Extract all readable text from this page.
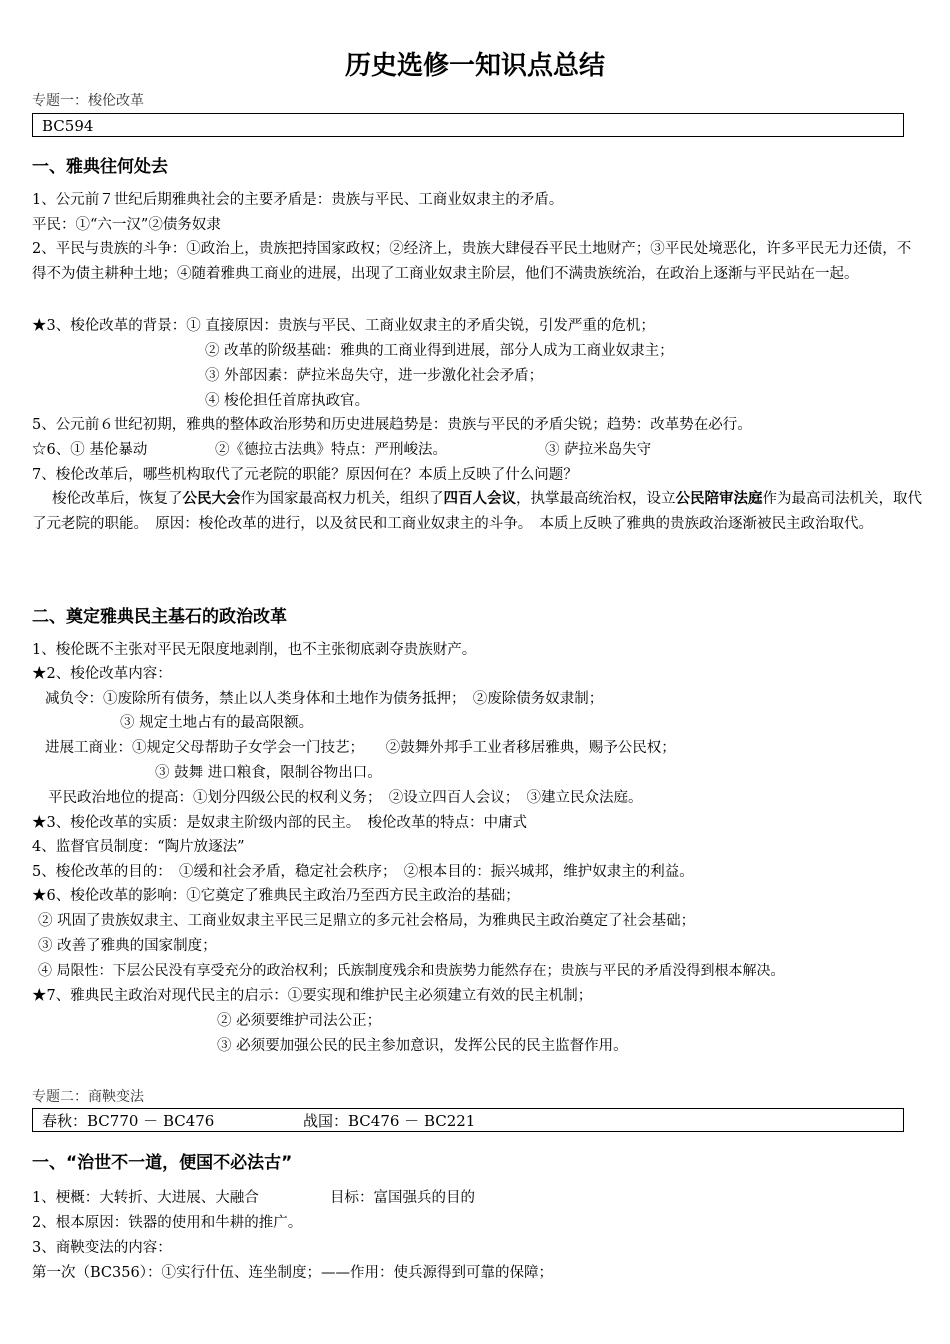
历史选修一知识点总结
专题一：梭伦改革
BC594
一、雅典往何处去
1、公元前７世纪后期雅典社会的主要矛盾是：贵族与平民、工商业奴隶主的矛盾。
平民：①“六一汉”②债务奴隶
2、平民与贵族的斗争：①政治上，贵族把持国家政权；②经济上，贵族大肆侵吞平民土地财产；③平民处境恶化，许多平民无力还债，不得不为债主耕种土地；④随着雅典工商业的进展，出现了工商业奴隶主阶层，他们不满贵族统治，在政治上逐渐与平民站在一起。
★3、梭伦改革的背景：① 直接原因：贵族与平民、工商业奴隶主的矛盾尖锐，引发严重的危机；
② 改革的阶级基础：雅典的工商业得到进展，部分人成为工商业奴隶主；
③ 外部因素：萨拉米岛失守，进一步激化社会矛盾；
④ 梭伦担任首席执政官。
5、公元前６世纪初期，雅典的整体政治形势和历史进展趋势是：贵族与平民的矛盾尖锐；趋势：改革势在必行。
☆6、① 基伦暴动	②《德拉古法典》特点：严刑峻法。	③ 萨拉米岛失守
7、梭伦改革后，哪些机构取代了元老院的职能？原因何在？本质上反映了什么问题？
梭伦改革后，恢复了公民大会作为国家最高权力机关，组织了四百人会议，执掌最高统治权，设立公民陪审法庭作为最高司法机关，取代了元老院的职能。　原因：梭伦改革的进行，以及贫民和工商业奴隶主的斗争。　本质上反映了雅典的贵族政治逐渐被民主政治取代。
二、奠定雅典民主基石的政治改革
1、梭伦既不主张对平民无限度地剥削，也不主张彻底剥夺贵族财产。
★2、梭伦改革内容：
减负令：①废除所有债务，禁止以人类身体和土地作为债务抵押；　②废除债务奴隶制；
③ 规定土地占有的最高限额。
进展工商业：①规定父母帮助子女学会一门技艺；　　②鼓舞外邦手工业者移居雅典，赐予公民权；
③ 鼓舞 进口粮食，限制谷物出口。
平民政治地位的提高：①划分四级公民的权利义务；　②设立四百人会议；　③建立民众法庭。
★3、梭伦改革的实质：是奴隶主阶级内部的民主。　梭伦改革的特点：中庸式
4、监督官员制度：“陶片放逐法”
5、梭伦改革的目的：　①缓和社会矛盾，稳定社会秩序；　②根本目的：振兴城邦，维护奴隶主的利益。
★6、梭伦改革的影响：①它奠定了雅典民主政治乃至西方民主政治的基础；
② 巩固了贵族奴隶主、工商业奴隶主平民三足鼎立的多元社会格局，为雅典民主政治奠定了社会基础；
③ 改善了雅典的国家制度；
④ 局限性：下层公民没有享受充分的政治权利；氏族制度残余和贵族势力能然存在；贵族与平民的矛盾没得到根本解决。
★7、雅典民主政治对现代民主的启示：①要实现和维护民主必须建立有效的民主机制；
② 必须要维护司法公正；
③ 必须要加强公民的民主参加意识，发挥公民的民主监督作用。
专题二：商鞅变法
春秋：BC770 － BC476	战国：BC476 － BC221
一、“治世不一道，便国不必法古”
1、梗概：大转折、大进展、大融合	目标：富国强兵的目的
2、根本原因：铁器的使用和牛耕的推广。
3、商鞅变法的内容：
第一次（BC356）：①实行什伍、连坐制度；——作用：使兵源得到可靠的保障；
